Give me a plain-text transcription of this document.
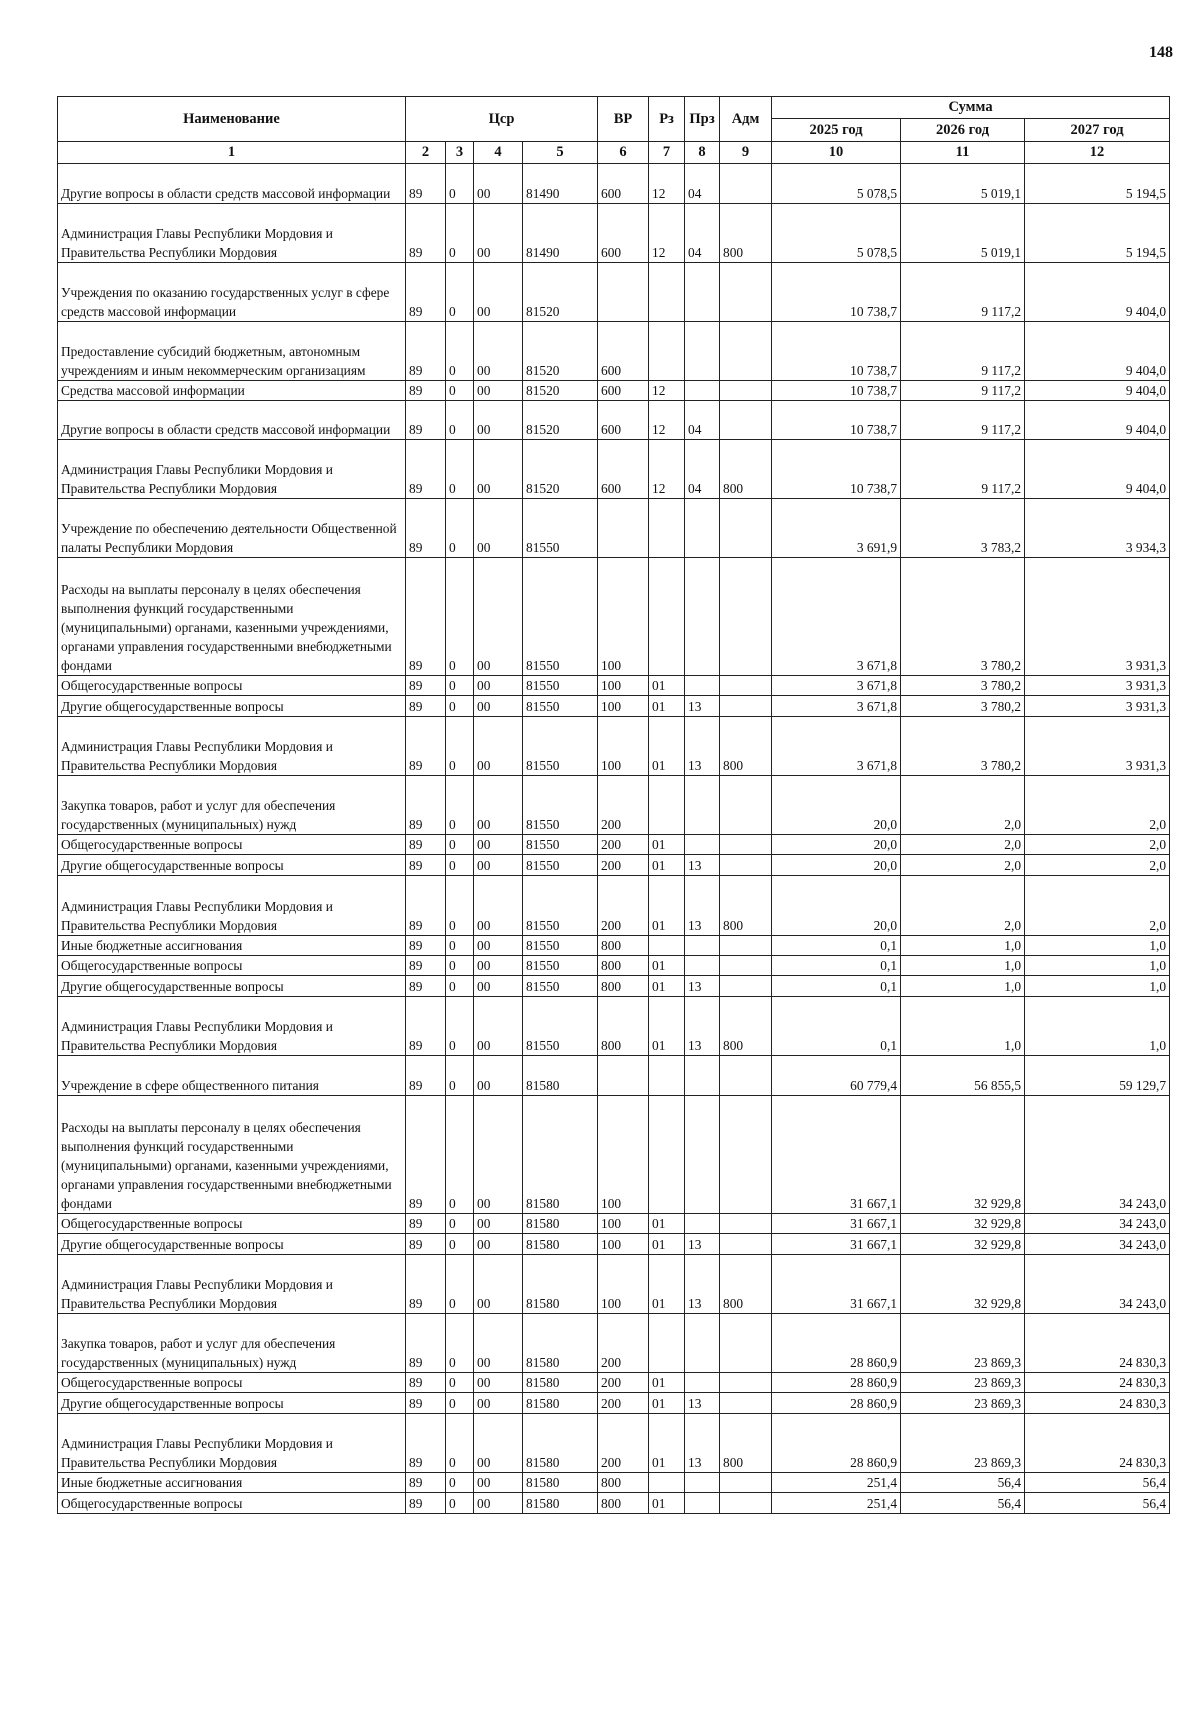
148
Наименование	Цср				ВР	Рз	Прз	Адм	Сумма		
									2025 год	2026 год	2027 год
1	2	3	4	5	6	7	8	9	10	11	12
Другие вопросы в области средств массовой информации	89	0	00	81490	600	12	04		5 078,5	5 019,1	5 194,5
Администрация Главы Республики Мордовия и Правительства Республики Мордовия	89	0	00	81490	600	12	04	800	5 078,5	5 019,1	5 194,5
Учреждения по оказанию государственных услуг в сфере средств массовой информации	89	0	00	81520					10 738,7	9 117,2	9 404,0
Предоставление субсидий бюджетным, автономным учреждениям и иным некоммерческим организациям	89	0	00	81520	600				10 738,7	9 117,2	9 404,0
Средства массовой информации	89	0	00	81520	600	12			10 738,7	9 117,2	9 404,0
Другие вопросы в области средств массовой информации	89	0	00	81520	600	12	04		10 738,7	9 117,2	9 404,0
Администрация Главы Республики Мордовия и Правительства Республики Мордовия	89	0	00	81520	600	12	04	800	10 738,7	9 117,2	9 404,0
Учреждение по обеспечению деятельности Общественной палаты Республики Мордовия	89	0	00	81550					3 691,9	3 783,2	3 934,3
Расходы на выплаты персоналу в целях обеспечения выполнения функций государственными (муниципальными) органами, казенными учреждениями, органами управления государственными внебюджетными фондами	89	0	00	81550	100				3 671,8	3 780,2	3 931,3
Общегосударственные вопросы	89	0	00	81550	100	01			3 671,8	3 780,2	3 931,3
Другие общегосударственные вопросы	89	0	00	81550	100	01	13		3 671,8	3 780,2	3 931,3
Администрация Главы Республики Мордовия и Правительства Республики Мордовия	89	0	00	81550	100	01	13	800	3 671,8	3 780,2	3 931,3
Закупка товаров, работ и услуг для обеспечения государственных (муниципальных) нужд	89	0	00	81550	200				20,0	2,0	2,0
Общегосударственные вопросы	89	0	00	81550	200	01			20,0	2,0	2,0
Другие общегосударственные вопросы	89	0	00	81550	200	01	13		20,0	2,0	2,0
Администрация Главы Республики Мордовия и Правительства Республики Мордовия	89	0	00	81550	200	01	13	800	20,0	2,0	2,0
Иные бюджетные ассигнования	89	0	00	81550	800				0,1	1,0	1,0
Общегосударственные вопросы	89	0	00	81550	800	01			0,1	1,0	1,0
Другие общегосударственные вопросы	89	0	00	81550	800	01	13		0,1	1,0	1,0
Администрация Главы Республики Мордовия и Правительства Республики Мордовия	89	0	00	81550	800	01	13	800	0,1	1,0	1,0
Учреждение в сфере общественного питания	89	0	00	81580					60 779,4	56 855,5	59 129,7
Расходы на выплаты персоналу в целях обеспечения выполнения функций государственными (муниципальными) органами, казенными учреждениями, органами управления государственными внебюджетными фондами	89	0	00	81580	100				31 667,1	32 929,8	34 243,0
Общегосударственные вопросы	89	0	00	81580	100	01			31 667,1	32 929,8	34 243,0
Другие общегосударственные вопросы	89	0	00	81580	100	01	13		31 667,1	32 929,8	34 243,0
Администрация Главы Республики Мордовия и Правительства Республики Мордовия	89	0	00	81580	100	01	13	800	31 667,1	32 929,8	34 243,0
Закупка товаров, работ и услуг для обеспечения государственных (муниципальных) нужд	89	0	00	81580	200				28 860,9	23 869,3	24 830,3
Общегосударственные вопросы	89	0	00	81580	200	01			28 860,9	23 869,3	24 830,3
Другие общегосударственные вопросы	89	0	00	81580	200	01	13		28 860,9	23 869,3	24 830,3
Администрация Главы Республики Мордовия и Правительства Республики Мордовия	89	0	00	81580	200	01	13	800	28 860,9	23 869,3	24 830,3
Иные бюджетные ассигнования	89	0	00	81580	800				251,4	56,4	56,4
Общегосударственные вопросы	89	0	00	81580	800	01			251,4	56,4	56,4
